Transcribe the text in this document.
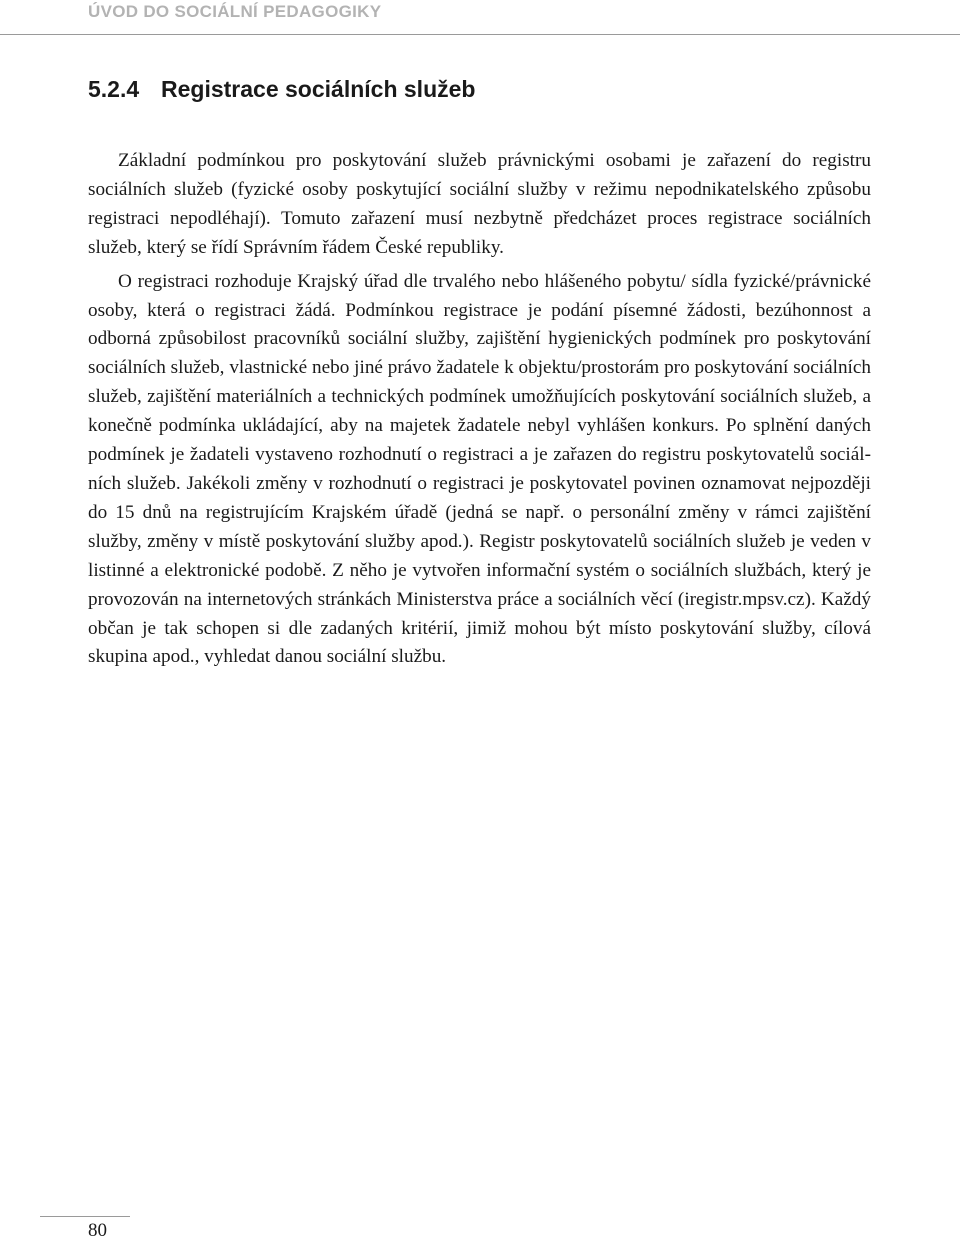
ÚVOD DO SOCIÁLNÍ PEDAGOGIKY
5.2.4 Registrace sociálních služeb

Základní podmínkou pro poskytování služeb právnickými osobami je zařazení do registru sociálních služeb (fyzické osoby poskytující sociální služby v režimu nepodnikatelského způsobu registraci nepodléhají). Tomuto zařazení musí nezbytně předcházet proces registrace sociálních služeb, který se řídí Správním řádem České republiky.

O registraci rozhoduje Krajský úřad dle trvalého nebo hlášeného pobytu/ sídla fyzické/právnické osoby, která o registraci žádá. Podmínkou registrace je podání písemné žádosti, bezúhonnost a odborná způsobilost pracovníků sociální služby, zajištění hygienických podmínek pro poskytování sociálních služeb, vlastnické nebo jiné právo žadatele k objektu/prostorám pro poskytování sociálních služeb, zajištění materiálních a technických podmínek umožňujících poskytování sociálních služeb, a konečně podmínka ukládající, aby na majetek žadatele nebyl vyhlášen konkurs. Po splnění daných podmínek je žadateli vystaveno rozhodnutí o registraci a je zařazen do registru poskytovatelů sociálních služeb. Jakékoli změny v rozhodnutí o registraci je poskytovatel povinen oznamovat nejpozději do 15 dnů na registrujícím Krajském úřadě (jedná se např. o personální změny v rámci zajištění služby, změny v místě poskytování služby apod.). Registr poskytovatelů sociálních služeb je veden v listinné a elektronické podobě. Z něho je vytvořen informační systém o sociálních službách, který je provozován na internetových stránkách Ministerstva práce a sociálních věcí (iregistr.mpsv.cz). Každý občan je tak schopen si dle zadaných kritérií, jimiž mohou být místo poskytování služby, cílová skupina apod., vyhledat danou sociální službu.

80
